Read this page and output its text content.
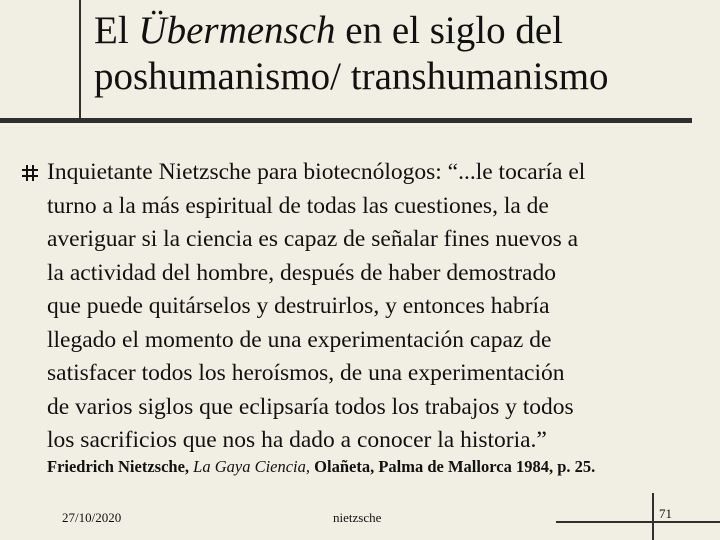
El Übermensch en el siglo del
poshumanismo/ transhumanismo
Inquietante Nietzsche para biotecnólogos: “...le tocaría el
turno a la más espiritual de todas las cuestiones, la de
averiguar si la ciencia es capaz de señalar fines nuevos a
la actividad del hombre, después de haber demostrado
que puede quitárselos y destruirlos, y entonces habría
llegado el momento de una experimentación capaz de
satisfacer todos los heroísmos, de una experimentación
de varios siglos que eclipsaría todos los trabajos y todos
los sacrificios que nos ha dado a conocer la historia.”
Friedrich Nietzsche, La Gaya Ciencia, Olañeta, Palma de Mallorca 1984, p. 25.
27/10/2020	nietzsche	71
